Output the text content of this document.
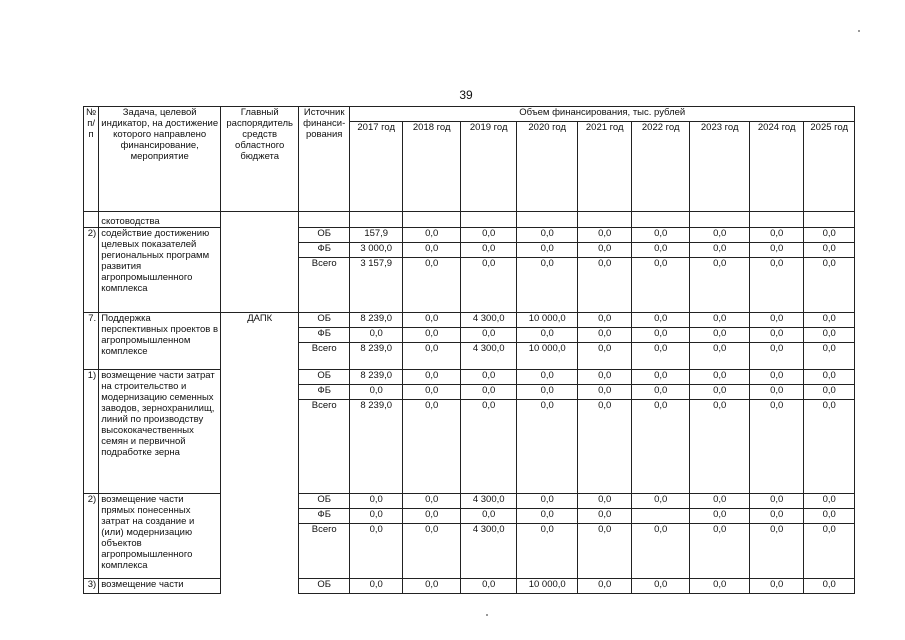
39
№ п/п	Задача, целевой индикатор, на достижение которого направлено финансирование, мероприятие	Главный распорядитель средств областного бюджета	Источник финанси-рования	Объем финансирования, тыс. рублей								
				2017 год	2018 год	2019 год	2020 год	2021 год	2022 год	2023 год	2024 год	2025 год
	скотоводства											
2)	содействие достижению целевых показателей региональных программ развития агропромышленного комплекса		ОБ	157,9	0,0	0,0	0,0	0,0	0,0	0,0	0,0	0,0
			ФБ	3 000,0	0,0	0,0	0,0	0,0	0,0	0,0	0,0	0,0
			Всего	3 157,9	0,0	0,0	0,0	0,0	0,0	0,0	0,0	0,0
7.	Поддержка перспективных проектов в агропромышленном комплексе	ДАПК	ОБ	8 239,0	0,0	4 300,0	10 000,0	0,0	0,0	0,0	0,0	0,0
			ФБ	0,0	0,0	0,0	0,0	0,0	0,0	0,0	0,0	0,0
			Всего	8 239,0	0,0	4 300,0	10 000,0	0,0	0,0	0,0	0,0	0,0
1)	возмещение части затрат на строительство и модернизацию семенных заводов, зернохранилищ, линий по производству высококачественных семян и первичной подработке зерна		ОБ	8 239,0	0,0	0,0	0,0	0,0	0,0	0,0	0,0	0,0
			ФБ	0,0	0,0	0,0	0,0	0,0	0,0	0,0	0,0	0,0
			Всего	8 239,0	0,0	0,0	0,0	0,0	0,0	0,0	0,0	0,0
2)	возмещение части прямых понесенных затрат на создание и (или) модернизацию объектов агропромышленного комплекса		ОБ	0,0	0,0	4 300,0	0,0	0,0	0,0	0,0	0,0	0,0
			ФБ	0,0	0,0	0,0	0,0	0,0		0,0	0,0	0,0
			Всего	0,0	0,0	4 300,0	0,0	0,0	0,0	0,0	0,0	0,0
3)	возмещение части		ОБ	0,0	0,0	0,0	10 000,0	0,0	0,0	0,0	0,0	0,0
